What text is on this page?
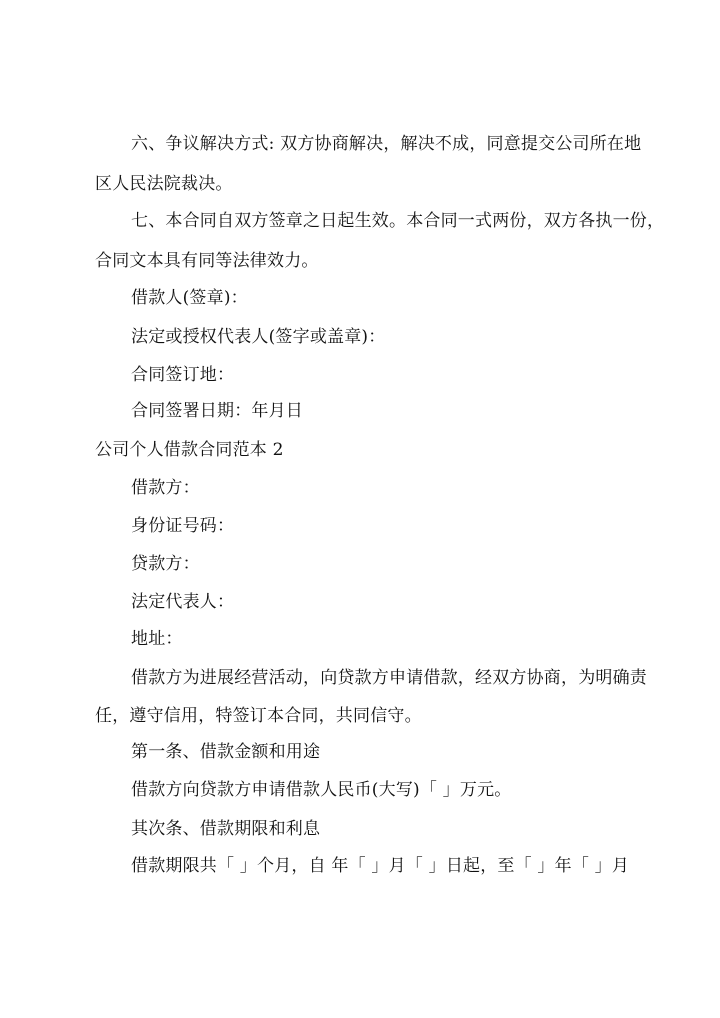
六、争议解决方式: 双方协商解决，解决不成，同意提交公司所在地
区人民法院裁决。
七、本合同自双方签章之日起生效。本合同一式两份，双方各执一份，
合同文本具有同等法律效力。
借款人(签章)：
法定或授权代表人(签字或盖章)：
合同签订地：
合同签署日期：年月日
公司个人借款合同范本 2
借款方：
身份证号码：
贷款方：
法定代表人：
地址：
借款方为进展经营活动，向贷款方申请借款，经双方协商，为明确责
任，遵守信用，特签订本合同，共同信守。
第一条、借款金额和用途
借款方向贷款方申请借款人民币(大写)「 」万元。
其次条、借款期限和利息
借款期限共「 」个月，自 年「 」月「 」日起，至「 」年「 」月
